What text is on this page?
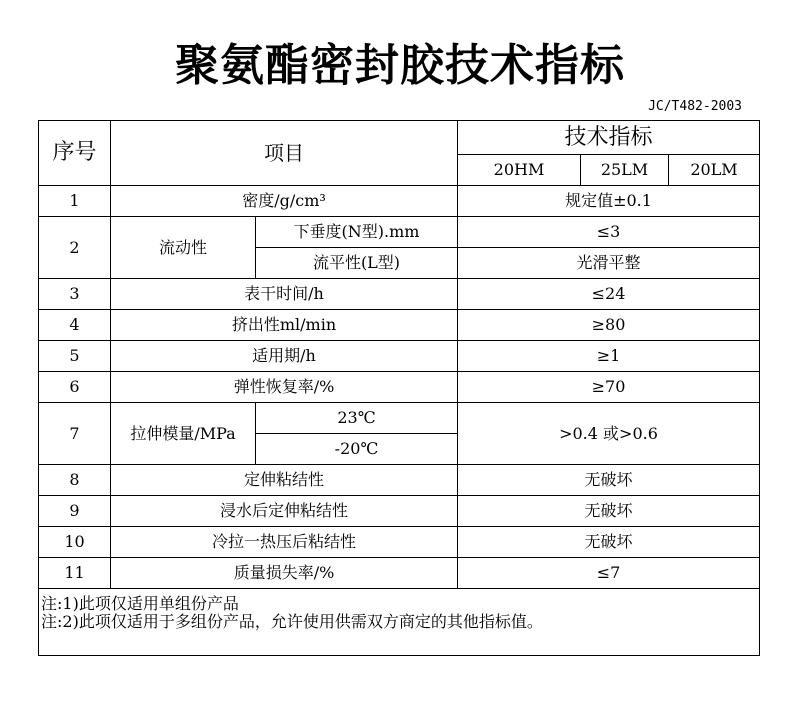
聚氨酯密封胶技术指标
JC/T482-2003
序号	项目		技术指标		
			20HM	25LM	20LM
1	密度/g/cm³		规定值±0.1		
2	流动性	下垂度(N型).mm	≤3		
		流平性(L型)	光滑平整		
3	表干时间/h		≤24		
4	挤出性ml/min		≥80		
5	适用期/h		≥1		
6	弹性恢复率/%		≥70		
7	拉伸模量/MPa	23℃	>0.4 或>0.6		
		-20℃			
8	定伸粘结性		无破坏		
9	浸水后定伸粘结性		无破坏		
10	冷拉一热压后粘结性		无破坏		
11	质量损失率/%		≤7		

注:1)此项仅适用单组份产品
注:2)此项仅适用于多组份产品，允许使用供需双方商定的其他指标值。					
